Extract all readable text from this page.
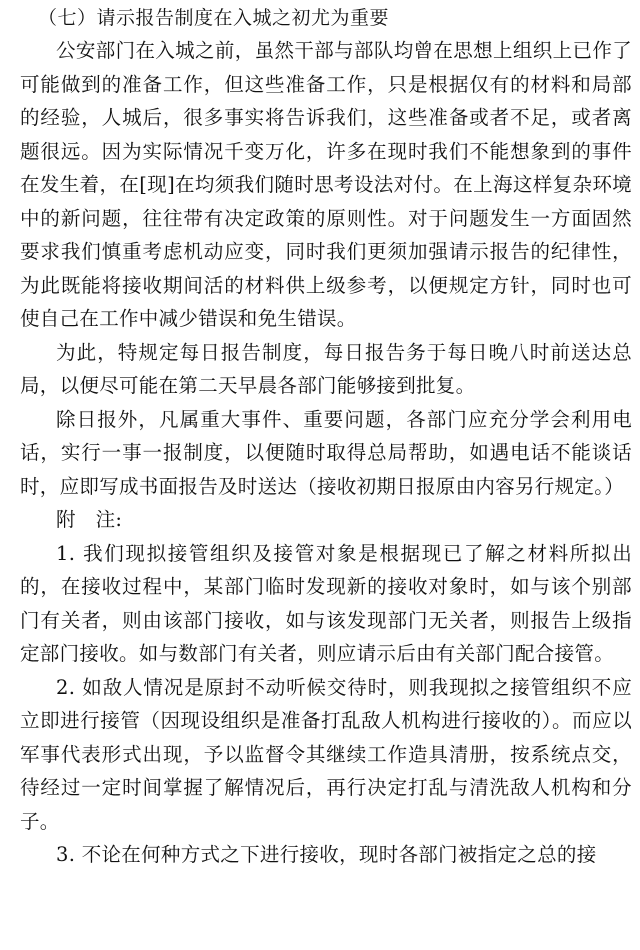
（七）请示报告制度在入城之初尤为重要

公安部门在入城之前，虽然干部与部队均曾在思想上组织上已作了可能做到的准备工作，但这些准备工作，只是根据仅有的材料和局部的经验，人城后，很多事实将告诉我们，这些准备或者不足，或者离题很远。因为实际情况千变万化，许多在现时我们不能想象到的事件在发生着，在[现]在均须我们随时思考设法对付。在上海这样复杂环境中的新问题，往往带有决定政策的原则性。对于问题发生一方面固然要求我们慎重考虑机动应变，同时我们更须加强请示报告的纪律性，为此既能将接收期间活的材料供上级参考，以便规定方针，同时也可使自己在工作中减少错误和免生错误。

为此，特规定每日报告制度，每日报告务于每日晚八时前送达总局，以便尽可能在第二天早晨各部门能够接到批复。

除日报外，凡属重大事件、重要问题，各部门应充分学会利用电话，实行一事一报制度，以便随时取得总局帮助，如遇电话不能谈话时，应即写成书面报告及时送达（接收初期日报原由内容另行规定。）

附　注:

1. 我们现拟接管组织及接管对象是根据现已了解之材料所拟出的，在接收过程中，某部门临时发现新的接收对象时，如与该个别部门有关者，则由该部门接收，如与该发现部门无关者，则报告上级指定部门接收。如与数部门有关者，则应请示后由有关部门配合接管。

2. 如敌人情况是原封不动听候交待时，则我现拟之接管组织不应立即进行接管（因现设组织是准备打乱敌人机构进行接收的）。而应以军事代表形式出现，予以监督令其继续工作造具清册，按系统点交，待经过一定时间掌握了解情况后，再行决定打乱与清洗敌人机构和分子。

3. 不论在何种方式之下进行接收，现时各部门被指定之总的接
